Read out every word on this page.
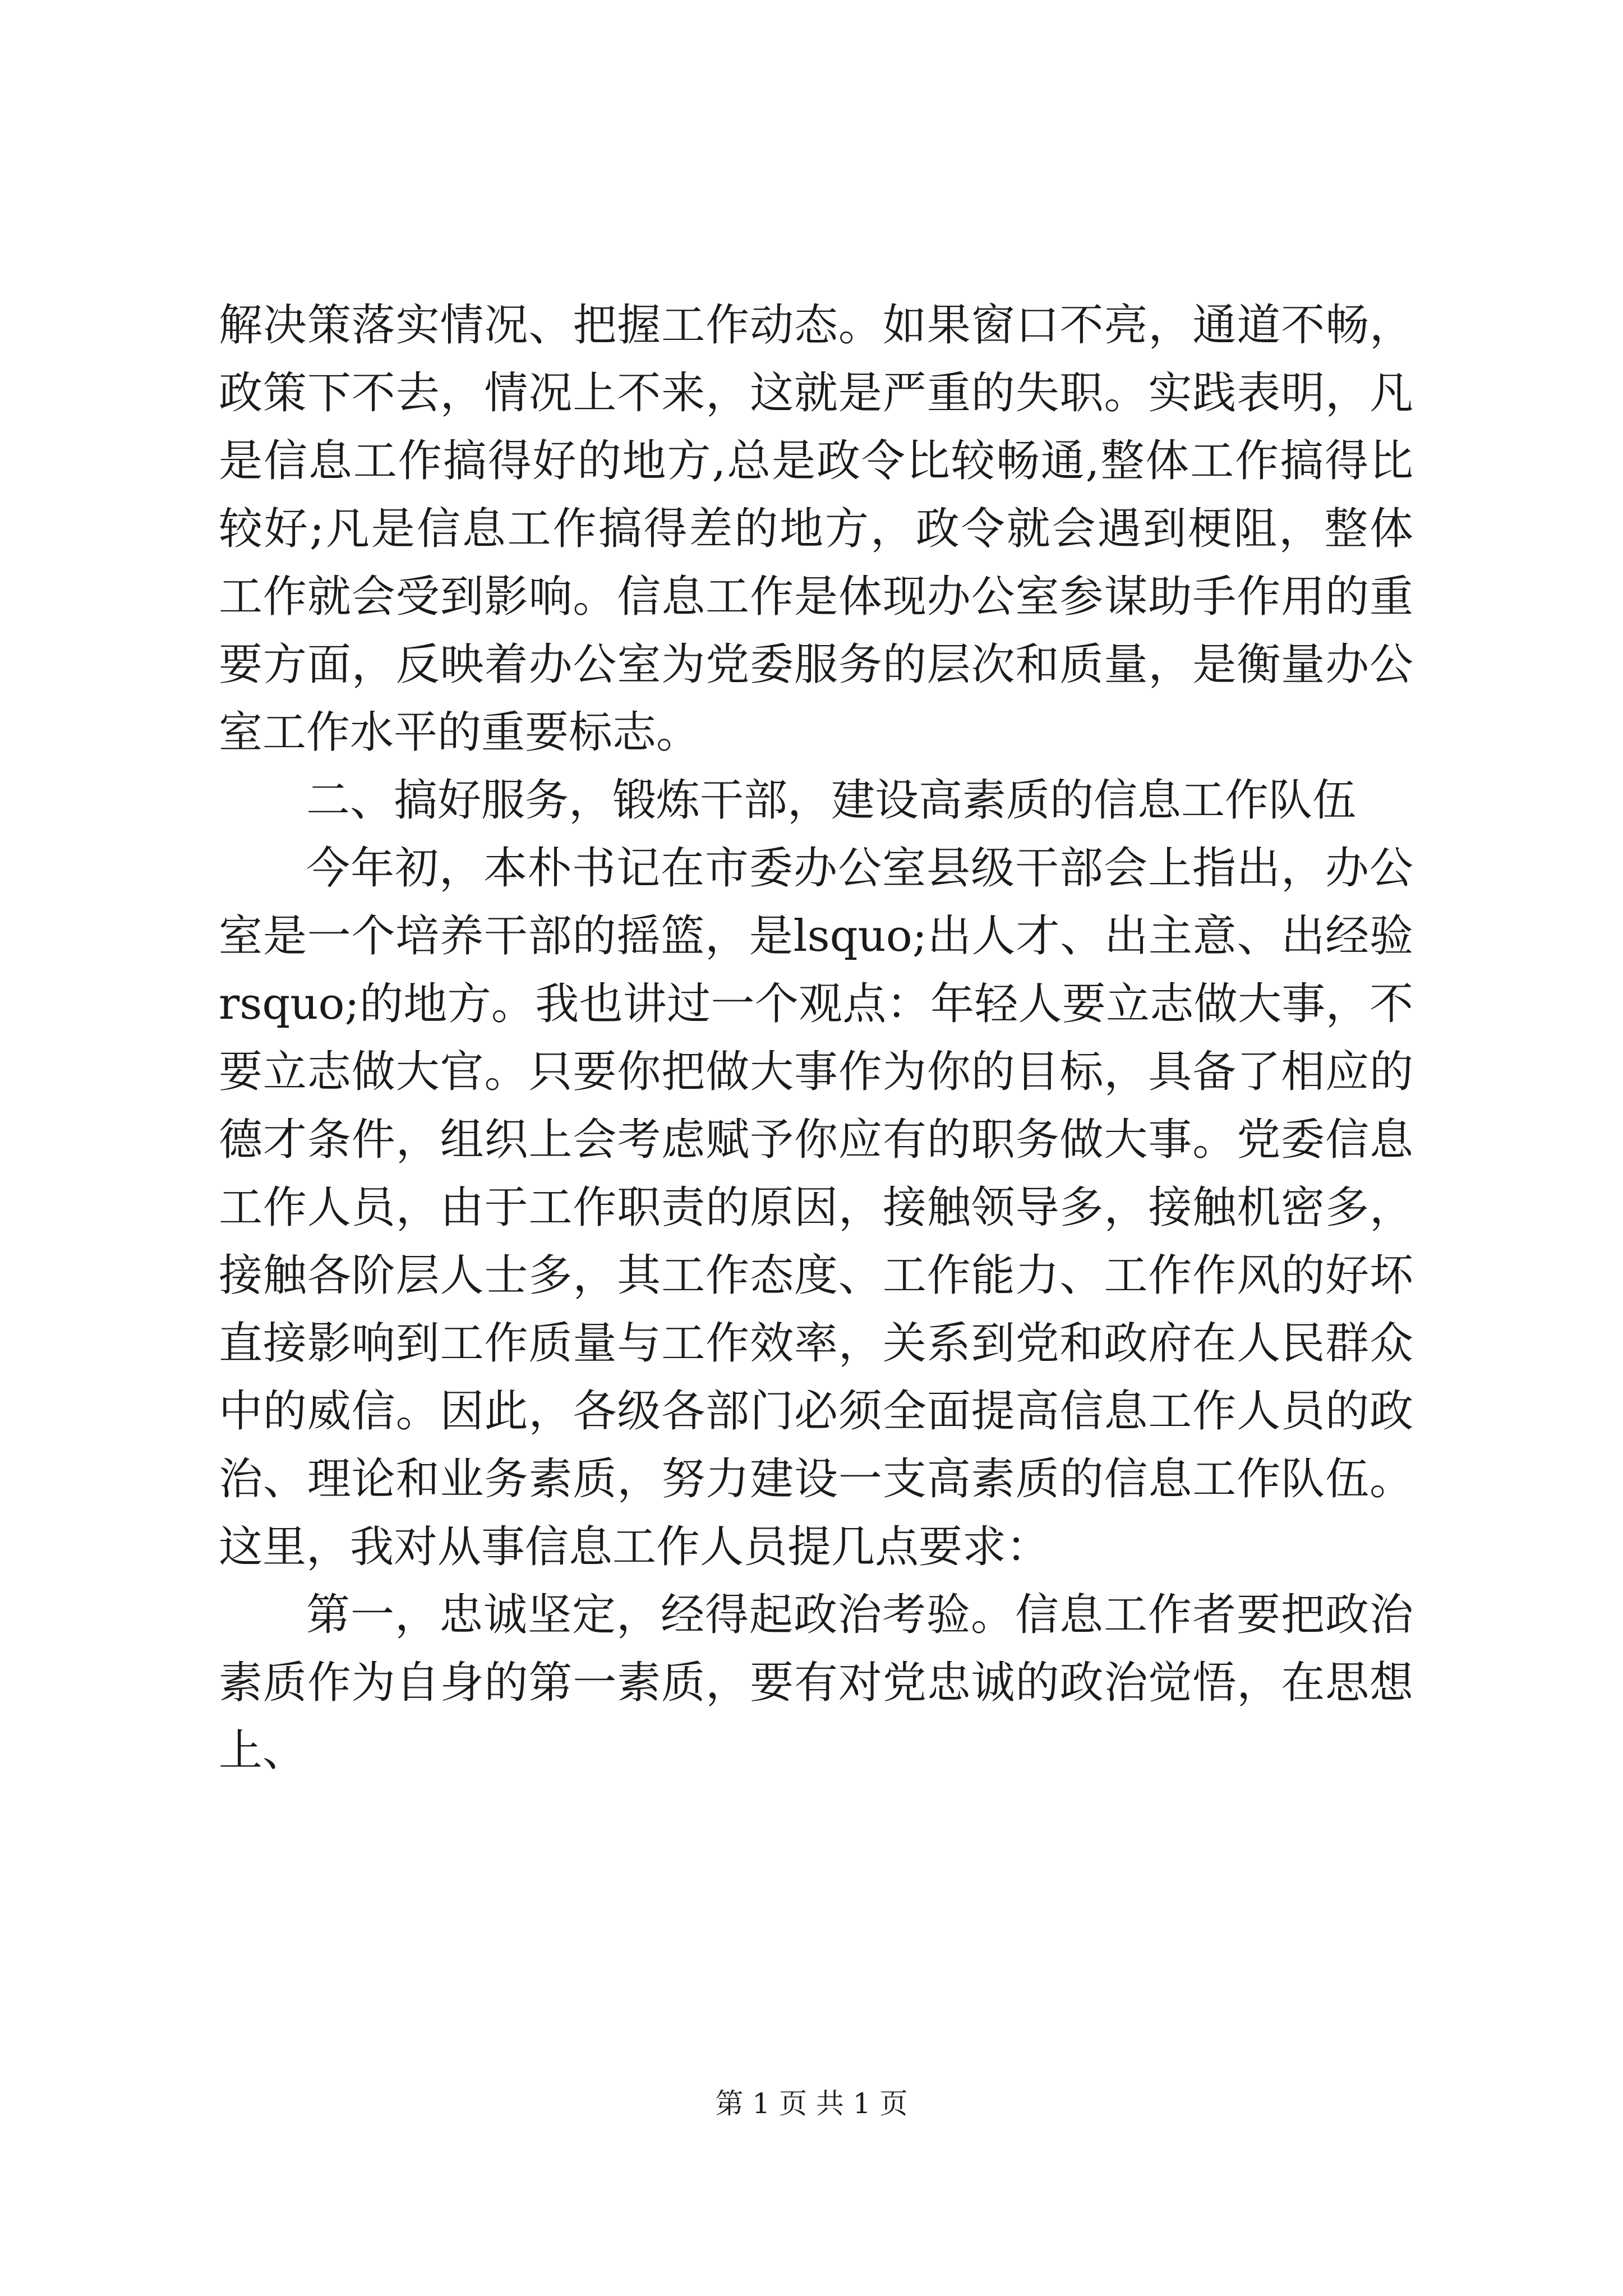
解决策落实情况、把握工作动态。如果窗口不亮，通道不畅，政策下不去，情况上不来，这就是严重的失职。实践表明，凡是信息工作搞得好的地方,总是政令比较畅通,整体工作搞得比较好;凡是信息工作搞得差的地方，政令就会遇到梗阻，整体工作就会受到影响。信息工作是体现办公室参谋助手作用的重要方面，反映着办公室为党委服务的层次和质量，是衡量办公室工作水平的重要标志。

二、搞好服务，锻炼干部，建设高素质的信息工作队伍

今年初，本朴书记在市委办公室县级干部会上指出，办公室是一个培养干部的摇篮，是lsquo;出人才、出主意、出经验rsquo;的地方。我也讲过一个观点：年轻人要立志做大事，不要立志做大官。只要你把做大事作为你的目标，具备了相应的德才条件，组织上会考虑赋予你应有的职务做大事。党委信息工作人员，由于工作职责的原因，接触领导多，接触机密多，接触各阶层人士多，其工作态度、工作能力、工作作风的好坏直接影响到工作质量与工作效率，关系到党和政府在人民群众中的威信。因此，各级各部门必须全面提高信息工作人员的政治、理论和业务素质，努力建设一支高素质的信息工作队伍。这里，我对从事信息工作人员提几点要求：

第一，忠诚坚定，经得起政治考验。信息工作者要把政治素质作为自身的第一素质，要有对党忠诚的政治觉悟，在思想上、

第 1 页 共 1 页
